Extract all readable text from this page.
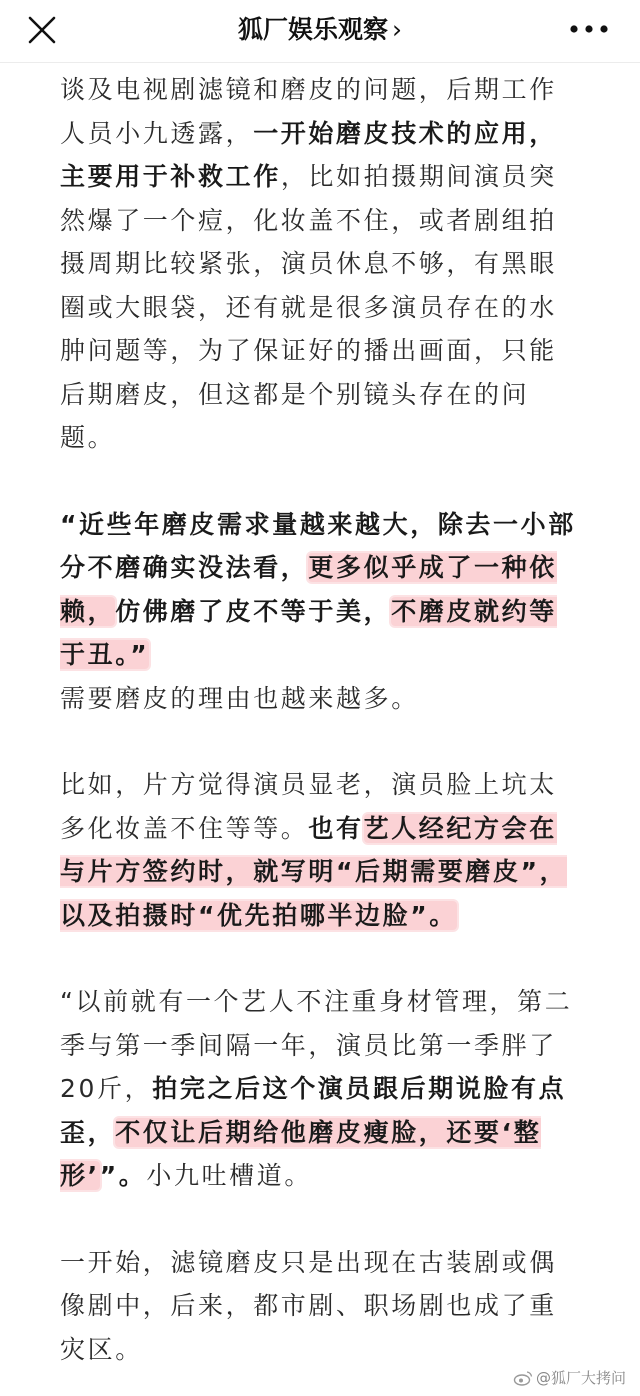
狐厂娱乐观察 ›

谈及电视剧滤镜和磨皮的问题，后期工作人员小九透露，一开始磨皮技术的应用，主要用于补救工作，比如拍摄期间演员突然爆了一个痘，化妆盖不住，或者剧组拍摄周期比较紧张，演员休息不够，有黑眼圈或大眼袋，还有就是很多演员存在的水肿问题等，为了保证好的播出画面，只能后期磨皮，但这都是个别镜头存在的问题。

“近些年磨皮需求量越来越大，除去一小部分不磨确实没法看，更多似乎成了一种依赖，仿佛磨了皮不等于美，不磨皮就约等于丑。”

需要磨皮的理由也越来越多。

比如，片方觉得演员显老，演员脸上坑太多化妆盖不住等等。也有艺人经纪方会在与片方签约时，就写明“后期需要磨皮”，以及拍摄时“优先拍哪半边脸”。

“以前就有一个艺人不注重身材管理，第二季与第一季间隔一年，演员比第一季胖了20斤，拍完之后这个演员跟后期说脸有点歪，不仅让后期给他磨皮瘦脸，还要‘整形’”。小九吐槽道。

一开始，滤镜磨皮只是出现在古装剧或偶像剧中，后来，都市剧、职场剧也成了重灾区。

@狐厂大拷问
